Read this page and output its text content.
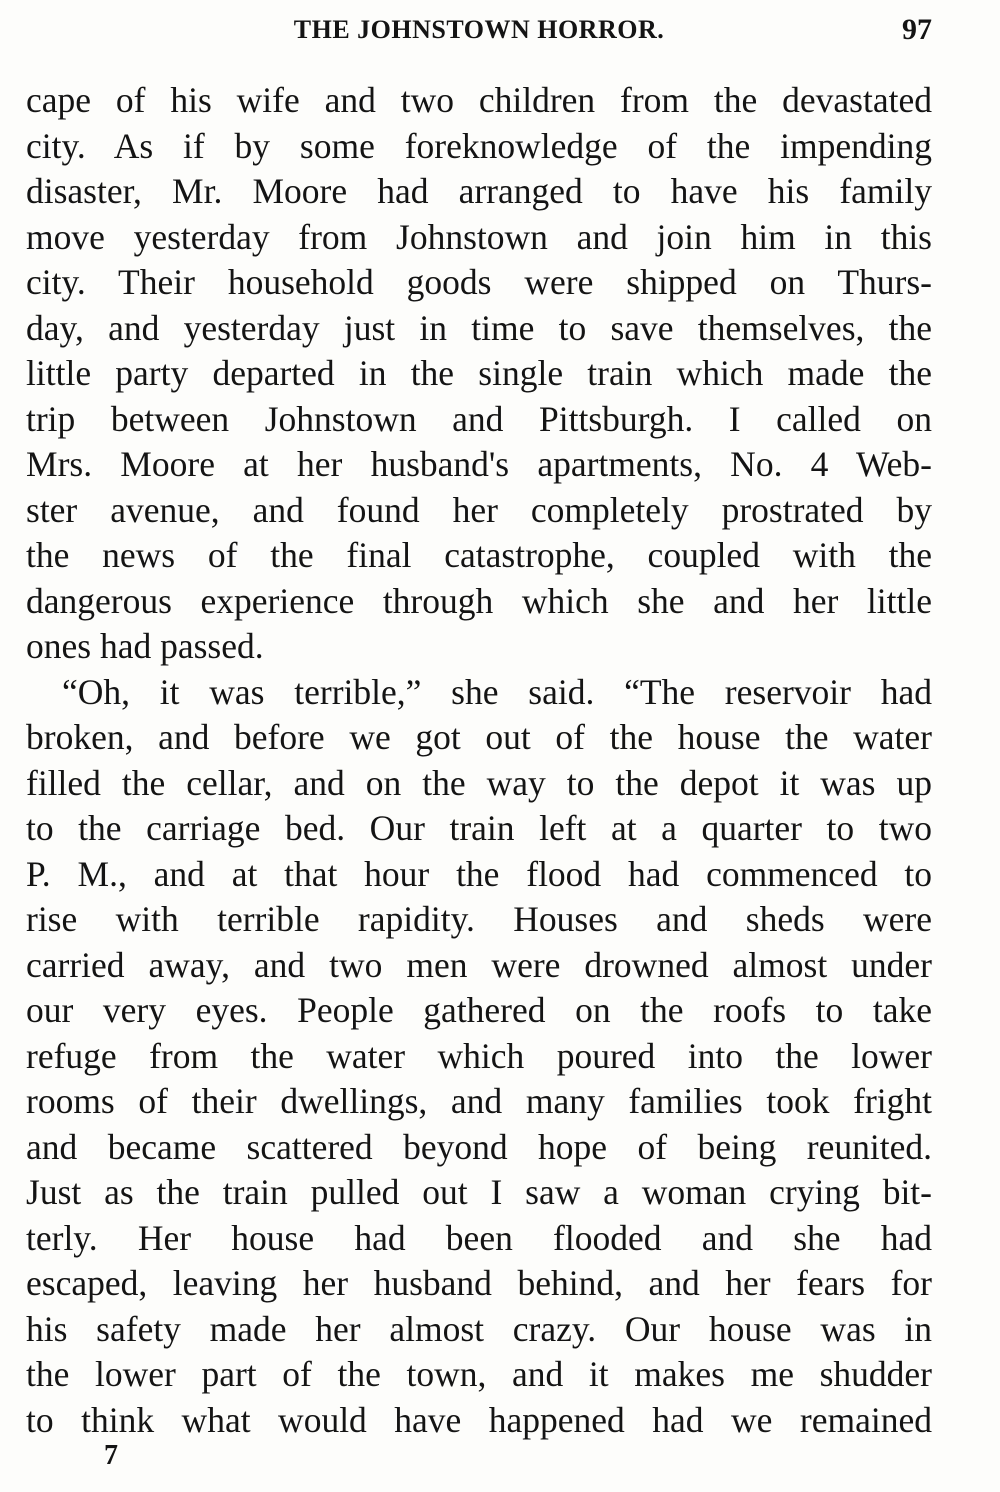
THE JOHNSTOWN HORROR.	97
cape of his wife and two children from the devastated
city. As if by some foreknowledge of the impending
disaster, Mr. Moore had arranged to have his family
move yesterday from Johnstown and join him in this
city. Their household goods were shipped on Thurs-
day, and yesterday just in time to save themselves, the
little party departed in the single train which made the
trip between Johnstown and Pittsburgh. I called on
Mrs. Moore at her husband's apartments, No. 4 Web-
ster avenue, and found her completely prostrated by
the news of the final catastrophe, coupled with the
dangerous experience through which she and her little
ones had passed.
“Oh, it was terrible,” she said. “The reservoir had
broken, and before we got out of the house the water
filled the cellar, and on the way to the depot it was up
to the carriage bed. Our train left at a quarter to two
P. M., and at that hour the flood had commenced to
rise with terrible rapidity. Houses and sheds were
carried away, and two men were drowned almost under
our very eyes. People gathered on the roofs to take
refuge from the water which poured into the lower
rooms of their dwellings, and many families took fright
and became scattered beyond hope of being reunited.
Just as the train pulled out I saw a woman crying bit-
terly. Her house had been flooded and she had
escaped, leaving her husband behind, and her fears for
his safety made her almost crazy. Our house was in
the lower part of the town, and it makes me shudder
to think what would have happened had we remained
7
